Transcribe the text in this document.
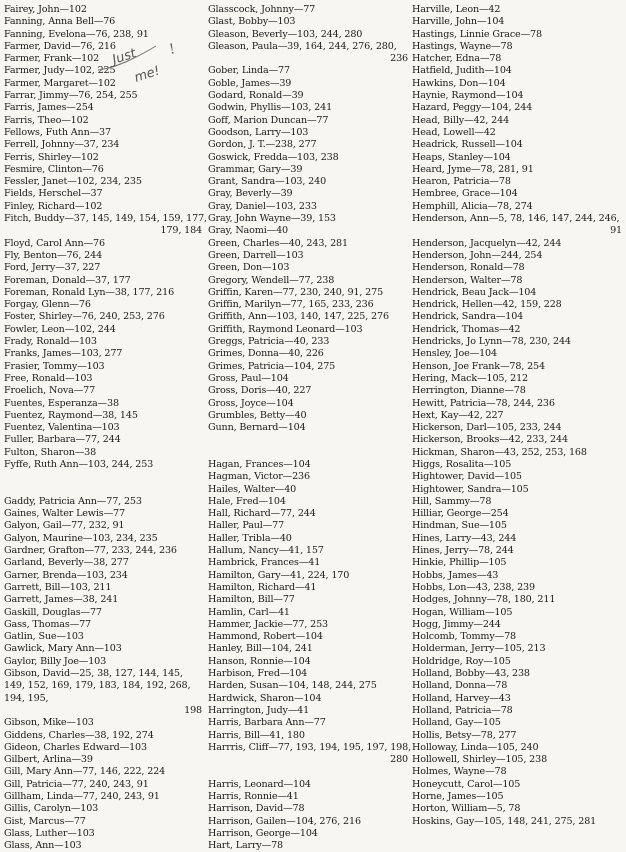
Fairey, John—102
Fanning, Anna Bell—76
Fanning, Evelona—76, 238, 91
Farmer, David—76, 216
Farmer, Frank—102
Farmer, Judy—102, 225
Farmer, Margaret—102
Farrar, Jimmy—76, 254, 255
Farris, James—254
Farris, Theo—102
Fellows, Futh Ann—37
Ferrell, Johnny—37, 234
Ferris, Shirley—102
Fesmire, Clinton—76
Fessler, Janet—102, 234, 235
Fields, Herschel—37
Finley, Richard—102
Fitch, Buddy—37, 145, 149, 154, 159, 177,
179, 184
Floyd, Carol Ann—76
Fly, Benton—76, 244
Ford, Jerry—37, 227
Foreman, Donald—37, 177
Foreman, Ronald Lyn—38, 177, 216
Forgay, Glenn—76
Foster, Shirley—76, 240, 253, 276
Fowler, Leon—102, 244
Frady, Ronald—103
Franks, James—103, 277
Frasier, Tommy—103
Free, Ronald—103
Froelich, Nova—77
Fuentes, Esperanza—38
Fuentez, Raymond—38, 145
Fuentez, Valentina—103
Fuller, Barbara—77, 244
Fulton, Sharon—38
Fyffe, Ruth Ann—103, 244, 253
Gaddy, Patricia Ann—77, 253
Gaines, Walter Lewis—77
Galyon, Gail—77, 232, 91
Galyon, Maurine—103, 234, 235
Gardner, Grafton—77, 233, 244, 236
Garland, Beverly—38, 277
Garner, Brenda—103, 234
Garrett, Bill—103, 211
Garrett, James—38, 241
Gaskill, Douglas—77
Gass, Thomas—77
Gatlin, Sue—103
Gawlick, Mary Ann—103
Gaylor, Billy Joe—103
Gibson, David—25, 38, 127, 144, 145, 149, 152, 169, 179, 183, 184, 192, 268, 194, 195,
198
Gibson, Mike—103
Giddens, Charles—38, 192, 274
Gideon, Charles Edward—103
Gilbert, Arlina—39
Gill, Mary Ann—77, 146, 222, 224
Gill, Patricia—77, 240, 243, 91
Gillham, Linda—77, 240, 243, 91
Gillis, Carolyn—103
Gist, Marcus—77
Glass, Luther—103
Glass, Ann—103
Glasscock, Johnny—77
Glast, Bobby—103
Gleason, Beverly—103, 244, 280
Gleason, Paula—39, 164, 244, 276, 280,
236
Gober, Linda—77
Goble, James—39
Godard, Ronald—39
Godwin, Phyllis—103, 241
Goff, Marion Duncan—77
Goodson, Larry—103
Gordon, J. T.—238, 277
Goswick, Fredda—103, 238
Grammar, Gary—39
Grant, Sandra—103, 240
Gray, Beverly—39
Gray, Daniel—103, 233
Gray, John Wayne—39, 153
Gray, Naomi—40
Green, Charles—40, 243, 281
Green, Darrell—103
Green, Don—103
Gregory, Wendell—77, 238
Griffin, Karen—77, 230, 240, 91, 275
Griffin, Marilyn—77, 165, 233, 236
Griffith, Ann—103, 140, 147, 225, 276
Griffith, Raymond Leonard—103
Greggs, Patricia—40, 233
Grimes, Donna—40, 226
Grimes, Patricia—104, 275
Gross, Paul—104
Gross, Doris—40, 227
Gross, Joyce—104
Grumbles, Betty—40
Gunn, Bernard—104
Hagan, Frances—104
Hagman, Victor—236
Hailes, Walter—40
Hale, Fred—104
Hall, Richard—77, 244
Haller, Paul—77
Haller, Tribla—40
Hallum, Nancy—41, 157
Hambrick, Frances—41
Hamilton, Gary—41, 224, 170
Hamilton, Richard—41
Hamilton, Bill—77
Hamlin, Carl—41
Hammer, Jackie—77, 253
Hammond, Robert—104
Hanley, Bill—104, 241
Hanson, Ronnie—104
Harbison, Fred—104
Harden, Susan—104, 148, 244, 275
Hardwick, Sharon—104
Harrington, Judy—41
Harris, Barbara Ann—77
Harris, Bill—41, 180
Harrris, Cliff—77, 193, 194, 195, 197, 198,
280
Harris, Leonard—104
Harris, Ronnie—41
Harrison, David—78
Harrison, Gailen—104, 276, 216
Harrison, George—104
Hart, Larry—78
Harville, Leon—42
Harville, John—104
Hastings, Linnie Grace—78
Hastings, Wayne—78
Hatcher, Edna—78
Hatfield, Judith—104
Hawkins, Don—104
Haynie, Raymond—104
Hazard, Peggy—104, 244
Head, Billy—42, 244
Head, Lowell—42
Headrick, Russell—104
Heaps, Stanley—104
Heard, Jyme—78, 281, 91
Hearon, Patricia—78
Hembree, Grace—104
Hemphill, Alicia—78, 274
Henderson, Ann—5, 78, 146, 147, 244, 246,
91
Henderson, Jacquelyn—42, 244
Henderson, John—244, 254
Henderson, Ronald—78
Henderson, Walter—78
Hendrick, Beau Jack—104
Hendrick, Hellen—42, 159, 228
Hendrick, Sandra—104
Hendrick, Thomas—42
Hendricks, Jo Lynn—78, 230, 244
Hensley, Joe—104
Henson, Joe Frank—78, 254
Hering, Mack—105, 212
Herrington, Dianne—78
Hewitt, Patricia—78, 244, 236
Hext, Kay—42, 227
Hickerson, Darl—105, 233, 244
Hickerson, Brooks—42, 233, 244
Hickman, Sharon—43, 252, 253, 168
Higgs, Rosalita—105
Hightower, David—105
Hightower, Sandra—105
Hill, Sammy—78
Hilliar, George—254
Hindman, Sue—105
Hines, Larry—43, 244
Hines, Jerry—78, 244
Hinkie, Phillip—105
Hobbs, James—43
Hobbs, Lon—43, 238, 239
Hodges, Johnny—78, 180, 211
Hogan, William—105
Hogg, Jimmy—244
Holcomb, Tommy—78
Holderman, Jerry—105, 213
Holdridge, Roy—105
Holland, Bobby—43, 238
Holland, Donna—78
Holland, Harvey—43
Holland, Patricia—78
Holland, Gay—105
Hollis, Betsy—78, 277
Holloway, Linda—105, 240
Hollowell, Shirley—105, 238
Holmes, Wayne—78
Honeycutt, Carol—105
Horne, James—105
Horton, William—5, 78
Hoskins, Gay—105, 148, 241, 275, 281
Just
me!
!
